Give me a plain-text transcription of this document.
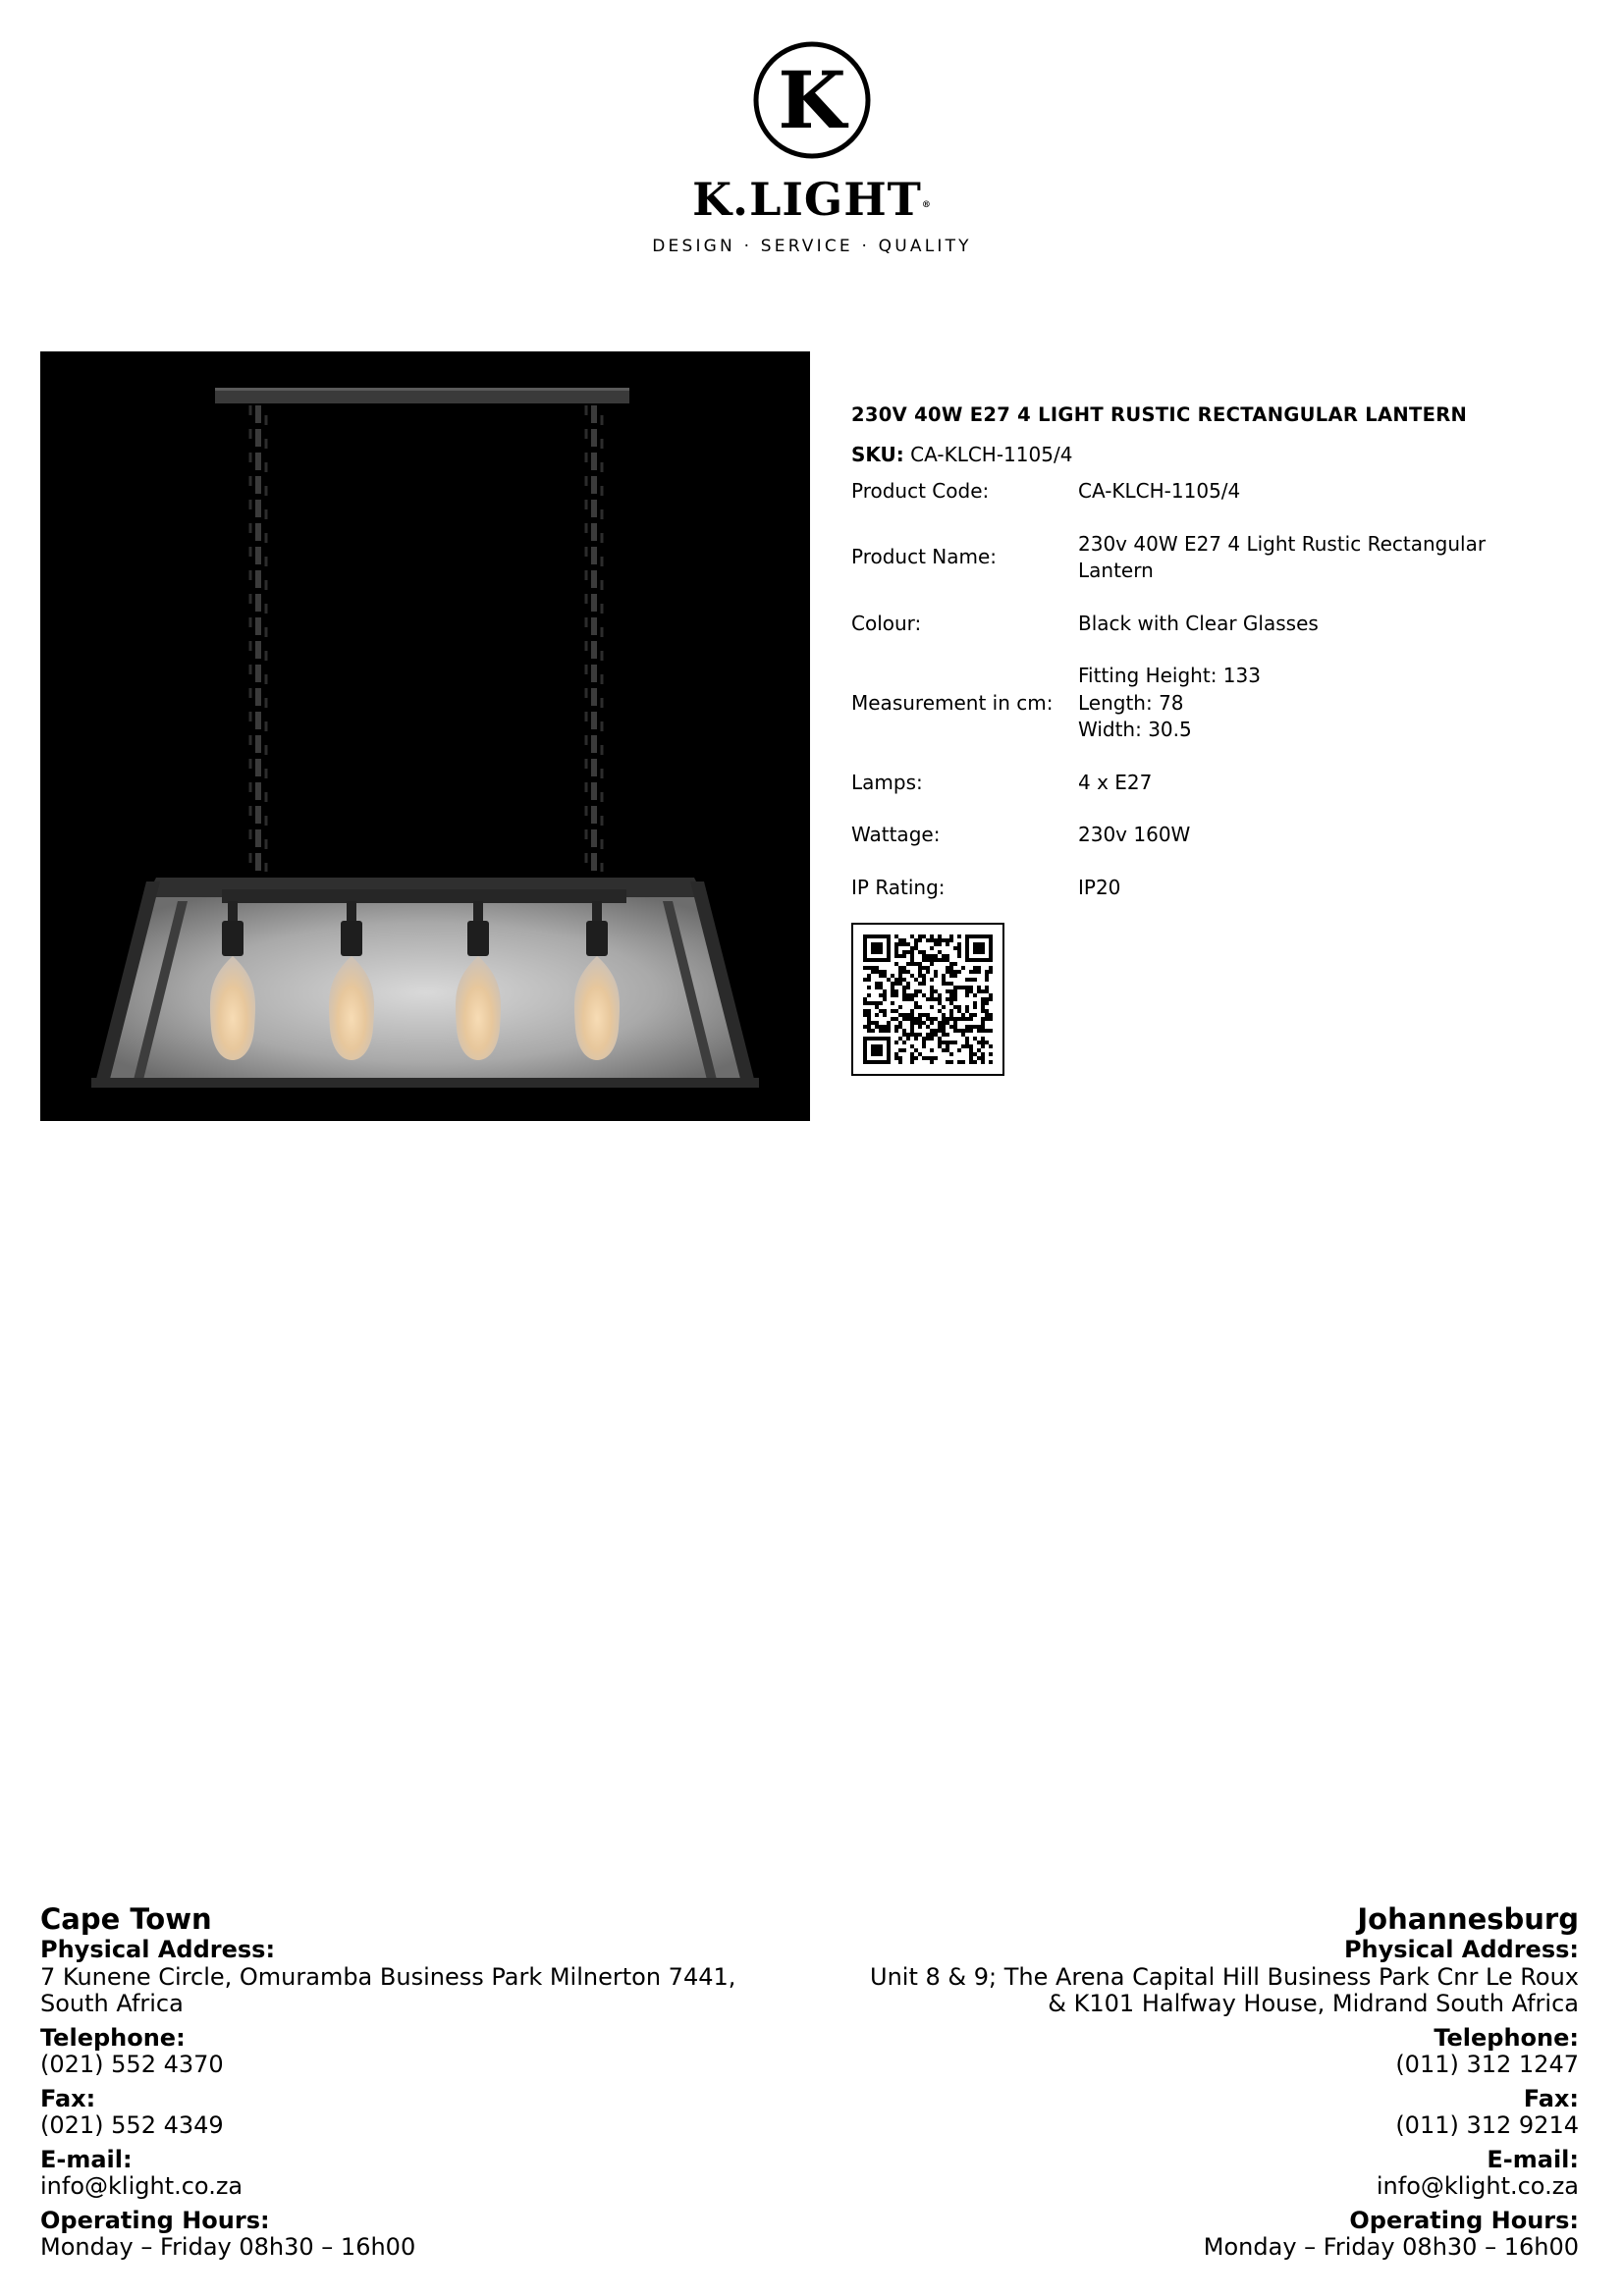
K
K.LIGHT®
DESIGN · SERVICE · QUALITY
230V 40W E27 4 LIGHT RUSTIC RECTANGULAR LANTERN
SKU: CA-KLCH-1105/4
Product Code:	CA-KLCH-1105/4

Product Name:	230v 40W E27 4 Light Rustic Rectangular
Lantern

Colour:	Black with Clear Glasses

Measurement in cm:	Fitting Height: 133
Length: 78
Width: 30.5

Lamps:	4 x E27

Wattage:	230v 160W

IP Rating:	IP20
Cape Town
Physical Address:
7 Kunene Circle, Omuramba Business Park Milnerton 7441,
South Africa
Telephone:
(021) 552 4370
Fax:
(021) 552 4349
E-mail:
info@klight.co.za
Operating Hours:
Monday – Friday 08h30 – 16h00
Johannesburg
Physical Address:
Unit 8 & 9; The Arena Capital Hill Business Park Cnr Le Roux
& K101 Halfway House, Midrand South Africa
Telephone:
(011) 312 1247
Fax:
(011) 312 9214
E-mail:
info@klight.co.za
Operating Hours:
Monday – Friday 08h30 – 16h00
